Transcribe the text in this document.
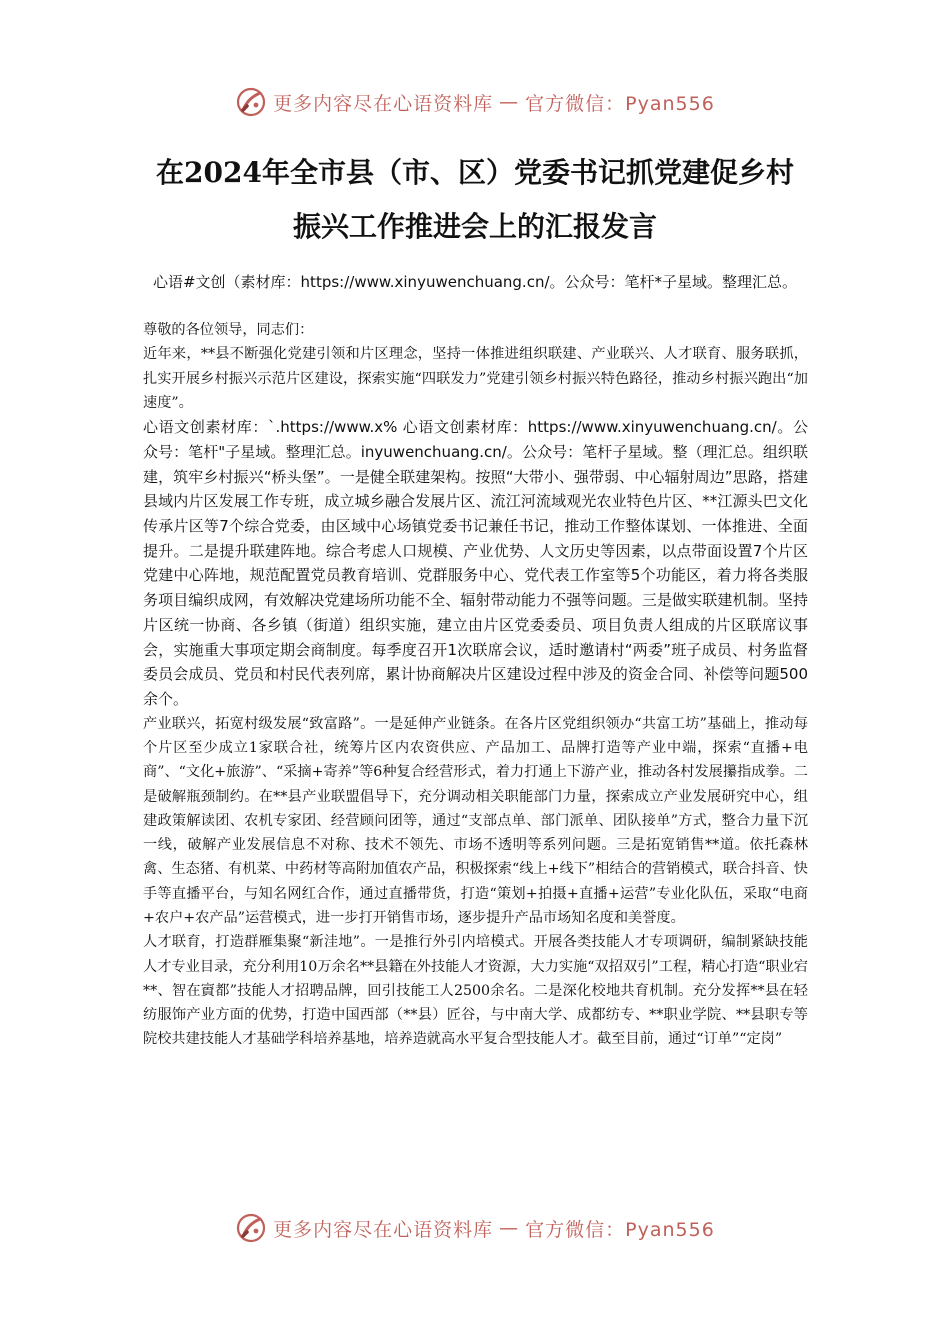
更多内容尽在心语资料库 — 官方微信：Pyan556
在2024年全市县（市、区）党委书记抓党建促乡村
振兴工作推进会上的汇报发言
心语#文创（素材库：https://www.xinyuwenchuang.cn/。公众号：笔杆*子星域。整理汇总。

尊敬的各位领导，同志们：

近年来，**县不断强化党建引领和片区理念，坚持一体推进组织联建、产业联兴、人才联育、服务联抓，扎实开展乡村振兴示范片区建设，探索实施“四联发力”党建引领乡村振兴特色路径，推动乡村振兴跑出“加速度”。

心语文创素材库：`.https://www.x% 心语文创素材库：https://www.xinyuwenchuang.cn/。公众号：笔杆"子星域。整理汇总。inyuwenchuang.cn/。公众号：笔杆子星域。整（理汇总。组织联建，筑牢乡村振兴“桥头堡”。一是健全联建架构。按照“大带小、强带弱、中心辐射周边”思路，搭建县域内片区发展工作专班，成立城乡融合发展片区、流江河流域观光农业特色片区、**江源头巴文化传承片区等7个综合党委，由区域中心场镇党委书记兼任书记，推动工作整体谋划、一体推进、全面提升。二是提升联建阵地。综合考虑人口规模、产业优势、人文历史等因素，以点带面设置7个片区党建中心阵地，规范配置党员教育培训、党群服务中心、党代表工作室等5个功能区，着力将各类服务项目编织成网，有效解决党建场所功能不全、辐射带动能力不强等问题。三是做实联建机制。坚持片区统一协商、各乡镇（街道）组织实施，建立由片区党委委员、项目负责人组成的片区联席议事会，实施重大事项定期会商制度。每季度召开1次联席会议，适时邀请村“两委”班子成员、村务监督委员会成员、党员和村民代表列席，累计协商解决片区建设过程中涉及的资金合同、补偿等问题500余个。

产业联兴，拓宽村级发展“致富路”。一是延伸产业链条。在各片区党组织领办“共富工坊”基础上，推动每个片区至少成立1家联合社，统筹片区内农资供应、产品加工、品牌打造等产业中端，探索“直播+电商”、“文化+旅游”、“采摘+寄养”等6种复合经营形式，着力打通上下游产业，推动各村发展攥指成拳。二是破解瓶颈制约。在**县产业联盟倡导下，充分调动相关职能部门力量，探索成立产业发展研究中心，组建政策解读团、农机专家团、经营顾问团等，通过“支部点单、部门派单、团队接单”方式，整合力量下沉一线，破解产业发展信息不对称、技术不领先、市场不透明等系列问题。三是拓宽销售**道。依托森林禽、生态猪、有机菜、中药材等高附加值农产品，积极探索“线上+线下”相结合的营销模式，联合抖音、快手等直播平台，与知名网红合作，通过直播带货，打造“策划+拍摄+直播+运营”专业化队伍，采取“电商+农户+农产品”运营模式，进一步打开销售市场，逐步提升产品市场知名度和美誉度。

人才联育，打造群雁集聚“新洼地”。一是推行外引内培模式。开展各类技能人才专项调研，编制紧缺技能人才专业目录，充分利用10万余名**县籍在外技能人才资源，大力实施“双招双引”工程，精心打造“职业宕**、智在賨都”技能人才招聘品牌，回引技能工人2500余名。二是深化校地共育机制。充分发挥**县在轻纺服饰产业方面的优势，打造中国西部（**县）匠谷，与中南大学、成都纺专、**职业学院、**县职专等院校共建技能人才基础学科培养基地，培养造就高水平复合型技能人才。截至目前，通过“订单”“定岗”

更多内容尽在心语资料库 — 官方微信：Pyan556
